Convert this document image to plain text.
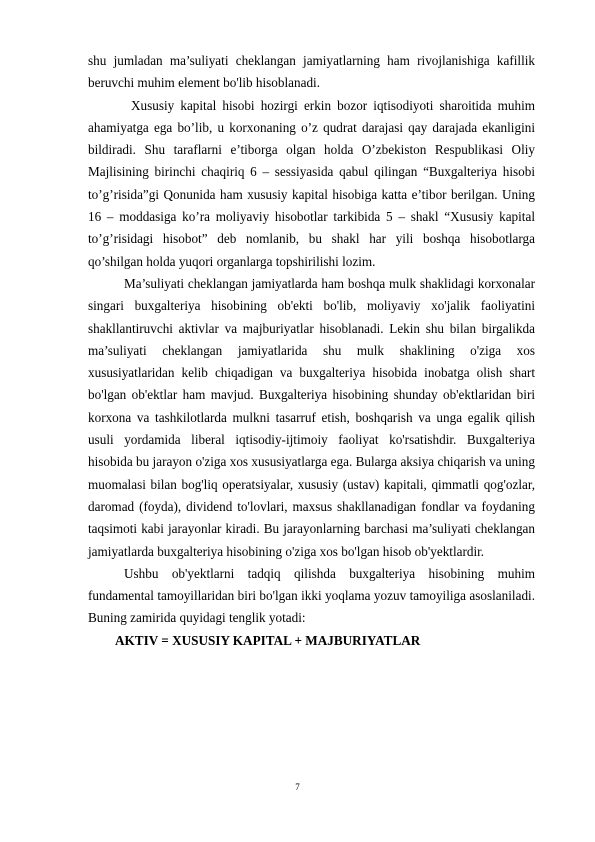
shu jumladan ma’suliyati cheklangan jamiyatlarning ham rivojlanishiga kafillik beruvchi muhim element bo'lib hisoblanadi.

Xususiy kapital hisobi hozirgi erkin bozor iqtisodiyoti sharoitida muhim ahamiyatga ega bo’lib, u korxonaning o’z qudrat darajasi qay darajada ekanligini bildiradi. Shu taraflarni e’tiborga olgan holda O’zbekiston Respublikasi Oliy Majlisining birinchi chaqiriq 6 – sessiyasida qabul qilingan “Buxgalteriya hisobi to’g’risida”gi Qonunida ham xususiy kapital hisobiga katta e’tibor berilgan. Uning 16 – moddasiga ko’ra moliyaviy hisobotlar tarkibida 5 – shakl “Xususiy kapital to’g’risidagi hisobot” deb nomlanib, bu shakl har yili boshqa hisobotlarga qo’shilgan holda yuqori organlarga topshirilishi lozim.

Ma’suliyati cheklangan jamiyatlarda ham boshqa mulk shaklidagi korxonalar singari buxgalteriya hisobining ob'ekti bo'lib, moliyaviy xo'jalik faoliyatini shakllantiruvchi aktivlar va majburiyatlar hisoblanadi. Lekin shu bilan birgalikda ma’suliyati cheklangan jamiyatlarida shu mulk shaklining o'ziga xos xususiyatlaridan kelib chiqadigan va buxgalteriya hisobida inobatga olish shart bo'lgan ob'ektlar ham mavjud. Buxgalteriya hisobining shunday ob'ektlaridan biri korxona va tashkilotlarda mulkni tasarruf etish, boshqarish va unga egalik qilish usuli yordamida liberal iqtisodiy-ijtimoiy faoliyat ko'rsatishdir. Buxgalteriya hisobida bu jarayon o'ziga xos xususiyatlarga ega. Bularga aksiya chiqarish va uning muomalasi bilan bog'liq operatsiyalar, xususiy (ustav) kapitali, qimmatli qog'ozlar, daromad (foyda), dividend to'lovlari, maxsus shakllanadigan fondlar va foydaning taqsimoti kabi jarayonlar kiradi. Bu jarayonlarning barchasi ma’suliyati cheklangan jamiyatlarda buxgalteriya hisobining o'ziga xos bo'lgan hisob ob'yektlardir.

Ushbu ob'yektlarni tadqiq qilishda buxgalteriya hisobining muhim fundamental tamoyillaridan biri bo'lgan ikki yoqlama yozuv tamoyiliga asoslaniladi. Buning zamirida quyidagi tenglik yotadi:

AKTIV = XUSUSIY KAPITAL + MAJBURIYATLAR

7
